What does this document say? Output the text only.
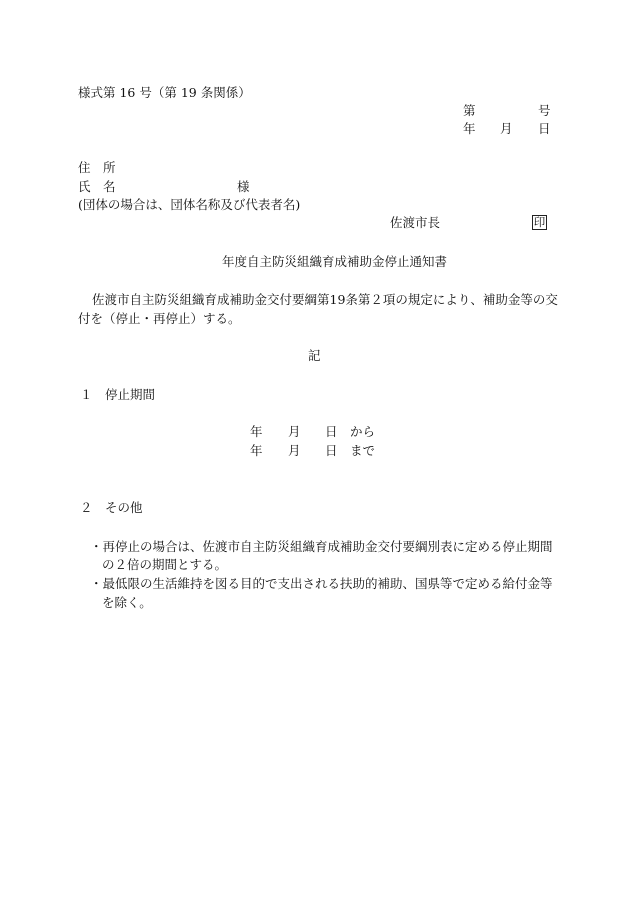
様式第 16 号（第 19 条関係）
第	号
年 月 日
住　所
氏　名	様
(団体の場合は、団体名称及び代表者名)
佐渡市長	印
年度自主防災組織育成補助金停止通知書
佐渡市自主防災組織育成補助金交付要綱第19条第２項の規定により、補助金等の交
付を（停止・再停止）する。
記
１　停止期間
年 月 日 から
年 月 日 まで
２　その他
・再停止の場合は、佐渡市自主防災組織育成補助金交付要綱別表に定める停止期間
の２倍の期間とする。
・最低限の生活維持を図る目的で支出される扶助的補助、国県等で定める給付金等
を除く。
